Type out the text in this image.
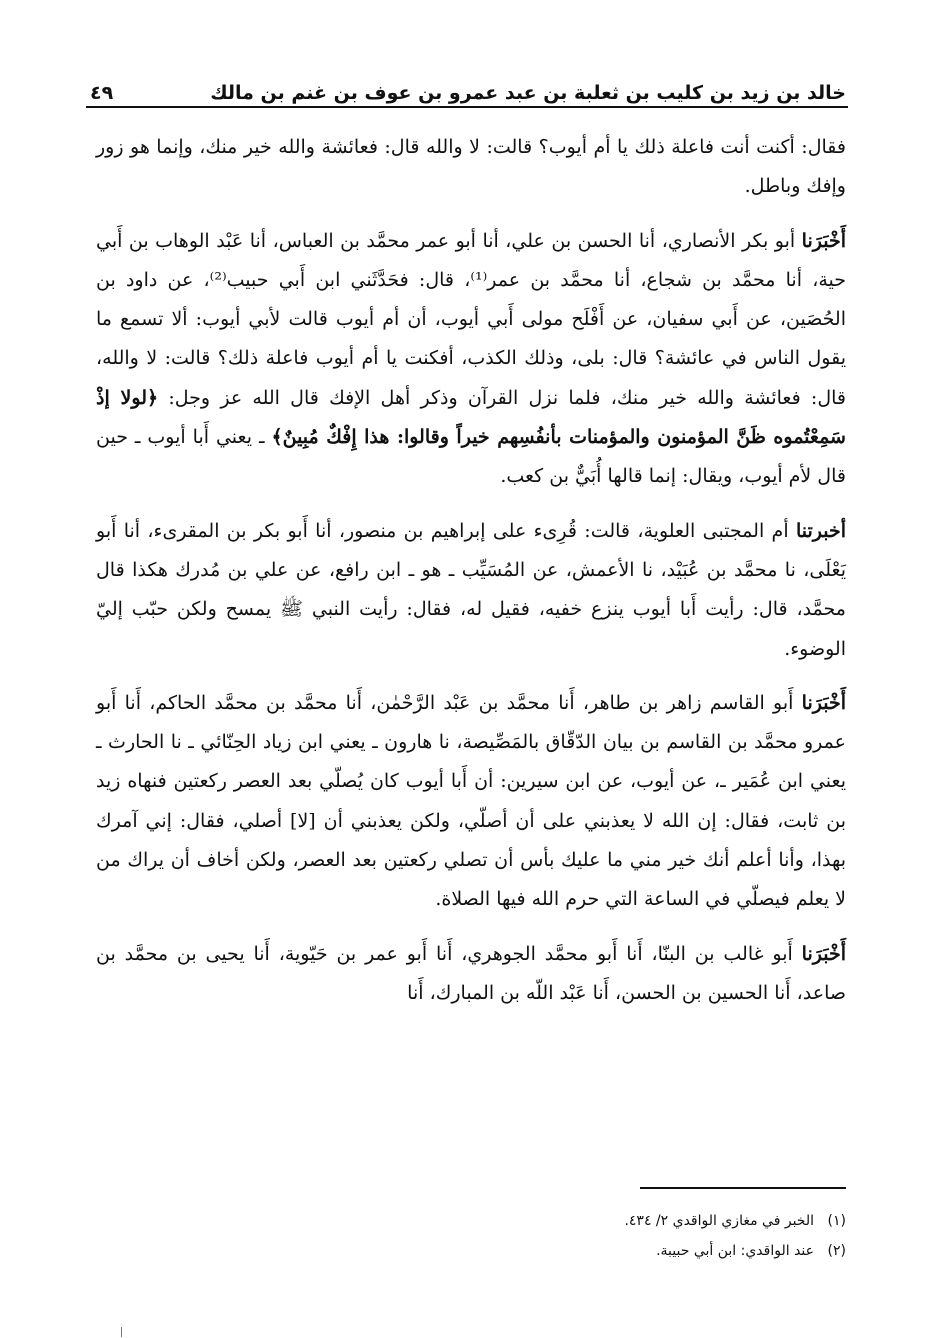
خالد بن زيد بن كليب بن ثعلبة بن عبد عمرو بن عوف بن غنم بن مالك
٤٩

فقال: أكنت أنت فاعلة ذلك يا أم أيوب؟ قالت: لا والله قال: فعائشة والله خير منك، وإنما هو زور وإفك وباطل.

أَخْبَرَنا أبو بكر الأنصاري، أنا الحسن بن علي، أنا أبو عمر محمَّد بن العباس، أنا عَبْد الوهاب بن أَبي حية، أنا محمَّد بن شجاع، أنا محمَّد بن عمر⁽¹⁾، قال: فحَدَّثَني ابن أَبي حبيب⁽²⁾، عن داود بن الحُصَين، عن أَبي سفيان، عن أَفْلَح مولى أَبي أيوب، أن أم أيوب قالت لأبي أيوب: ألا تسمع ما يقول الناس في عائشة؟ قال: بلى، وذلك الكذب، أفكنت يا أم أيوب فاعلة ذلك؟ قالت: لا والله، قال: فعائشة والله خير منك، فلما نزل القرآن وذكر أهل الإفك قال الله عز وجل: ﴿لولا إذْ سَمِعْتُموه ظَنَّ المؤمنون والمؤمنات بأنفُسِهم خيراً وقالوا: هذا إِفْكٌ مُبِينٌ﴾ ـ يعني أَبا أيوب ـ حين قال لأم أيوب، ويقال: إنما قالها أُبَيٌّ بن كعب.

أخبرتنا أم المجتبى العلوية، قالت: قُرِىء على إبراهيم بن منصور، أنا أَبو بكر بن المقرىء، أنا أَبو يَعْلَى، نا محمَّد بن عُبَيْد، نا الأعمش، عن المُسَيِّب ـ هو ـ ابن رافع، عن علي بن مُدرك هكذا قال محمَّد، قال: رأيت أَبا أيوب ينزع خفيه، فقيل له، فقال: رأيت النبي ﷺ يمسح ولكن حبّب إليّ الوضوء.

أَخْبَرَنا أَبو القاسم زاهر بن طاهر، أَنا محمَّد بن عَبْد الرَّحْمٰن، أَنا محمَّد بن محمَّد الحاكم، أَنا أَبو عمرو محمَّد بن القاسم بن بيان الدّقّاق بالمَصِّيصة، نا هارون ـ يعني ابن زياد الحِنّائي ـ نا الحارث ـ يعني ابن عُمَير ـ، عن أيوب، عن ابن سيرين: أن أَبا أيوب كان يُصلّي بعد العصر ركعتين فنهاه زيد بن ثابت، فقال: إن الله لا يعذبني على أن أصلّي، ولكن يعذبني أن [لا] أصلي، فقال: إني آمرك بهذا، وأنا أعلم أنك خير مني ما عليك بأس أن تصلي ركعتين بعد العصر، ولكن أخاف أن يراك من لا يعلم فيصلّي في الساعة التي حرم الله فيها الصلاة.

أَخْبَرَنا أَبو غالب بن البنّا، أَنا أَبو محمَّد الجوهري، أَنا أَبو عمر بن حَيّوية، أَنا يحيى بن محمَّد بن صاعد، أَنا الحسين بن الحسن، أَنا عَبْد اللّه بن المبارك، أَنا

(١)الخبر في مغازي الواقدي ٢/ ٤٣٤.
(٢)عند الواقدي: ابن أبي حبيبة.
